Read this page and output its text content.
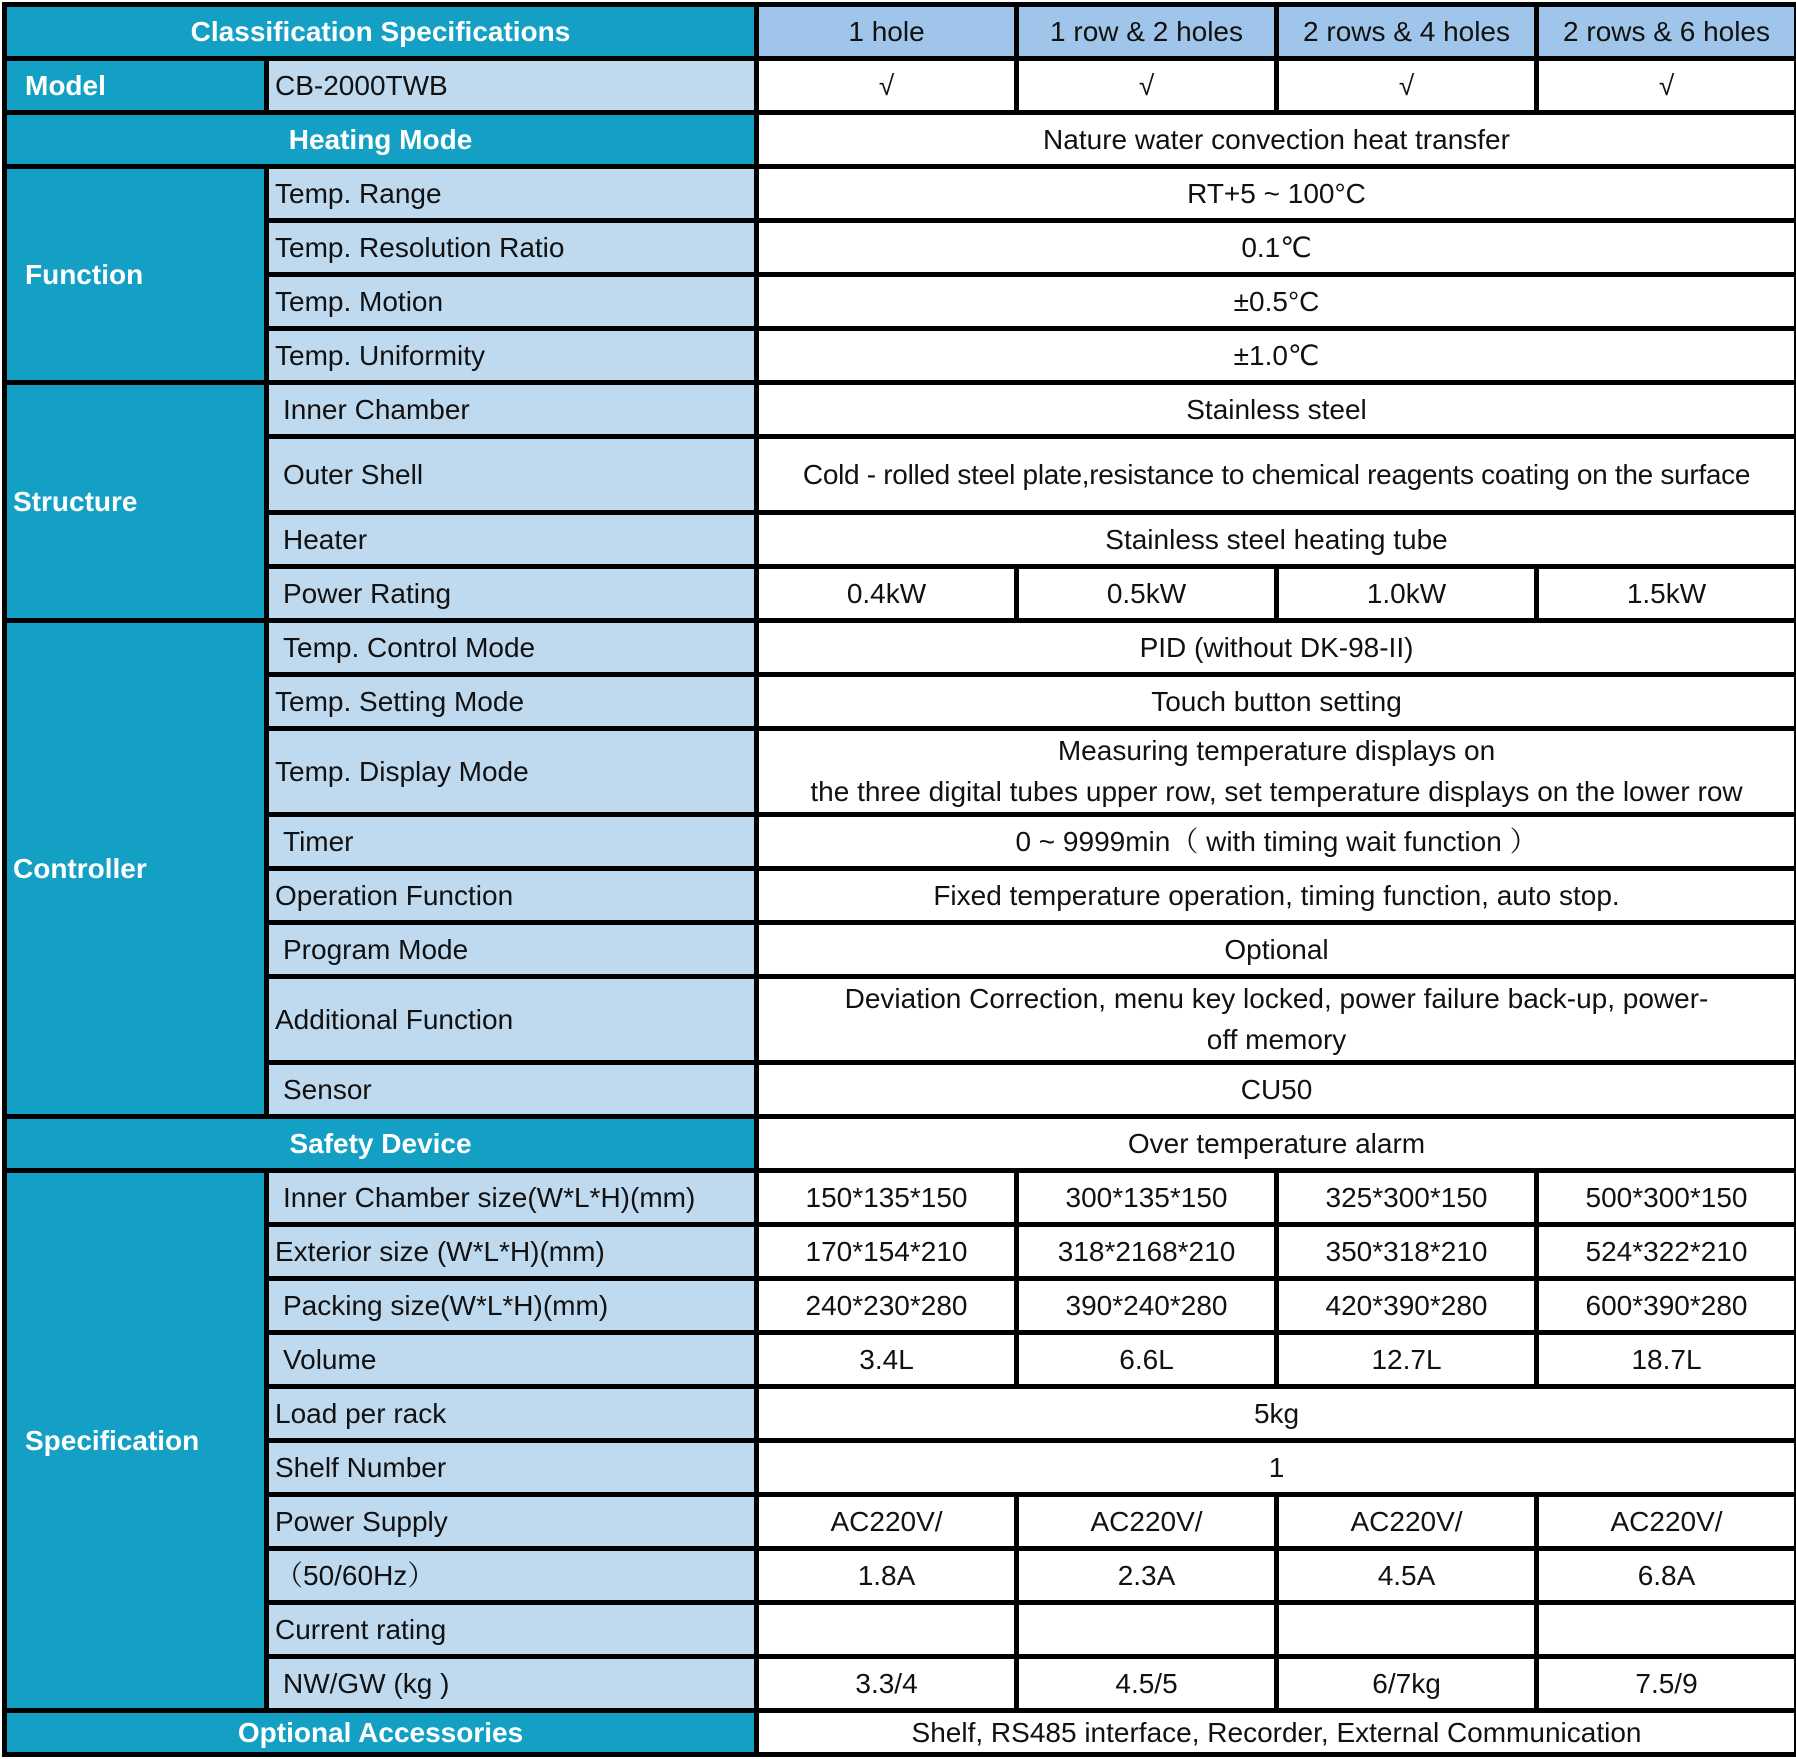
Classification Specifications		1 hole	1 row & 2 holes	2 rows & 4 holes	2 rows & 6 holes
Model	CB-2000TWB	√	√	√	√
Heating Mode		Nature water convection heat transfer			
Function	Temp. Range	RT+5 ~ 100°C			
	Temp. Resolution Ratio	0.1℃			
	Temp. Motion	±0.5°C			
	Temp. Uniformity	±1.0℃			
Structure	Inner Chamber	Stainless steel			
	Outer Shell	Cold - rolled steel plate,resistance to chemical reagents coating on the surface			
	Heater	Stainless steel heating tube			
	Power Rating	0.4kW	0.5kW	1.0kW	1.5kW
Controller	Temp. Control Mode	PID (without DK-98-II)			
	Temp. Setting Mode	Touch button setting			
	Temp. Display Mode	Measuring temperature displays on
the three digital tubes upper row, set temperature displays on the lower row			

	Timer	0 ~ 9999min（ with timing wait function ）			
	Operation Function	Fixed temperature operation, timing function, auto stop.			
	Program Mode	Optional			
	Additional Function	Deviation Correction, menu key locked, power failure back-up, power-
off memory			

	Sensor	CU50			
Safety Device		Over temperature alarm			
Specification	Inner Chamber size(W*L*H)(mm)	150*135*150	300*135*150	325*300*150	500*300*150
	Exterior size (W*L*H)(mm)	170*154*210	318*2168*210	350*318*210	524*322*210
	Packing size(W*L*H)(mm)	240*230*280	390*240*280	420*390*280	600*390*280
	Volume	3.4L	6.6L	12.7L	18.7L
	Load per rack	5kg			
	Shelf Number	1			
	Power Supply	AC220V/	AC220V/	AC220V/	AC220V/
	（50/60Hz）	1.8A	2.3A	4.5A	6.8A
	Current rating				
	NW/GW (kg )	3.3/4	4.5/5	6/7kg	7.5/9
Optional Accessories		Shelf, RS485 interface, Recorder, External Communication			
